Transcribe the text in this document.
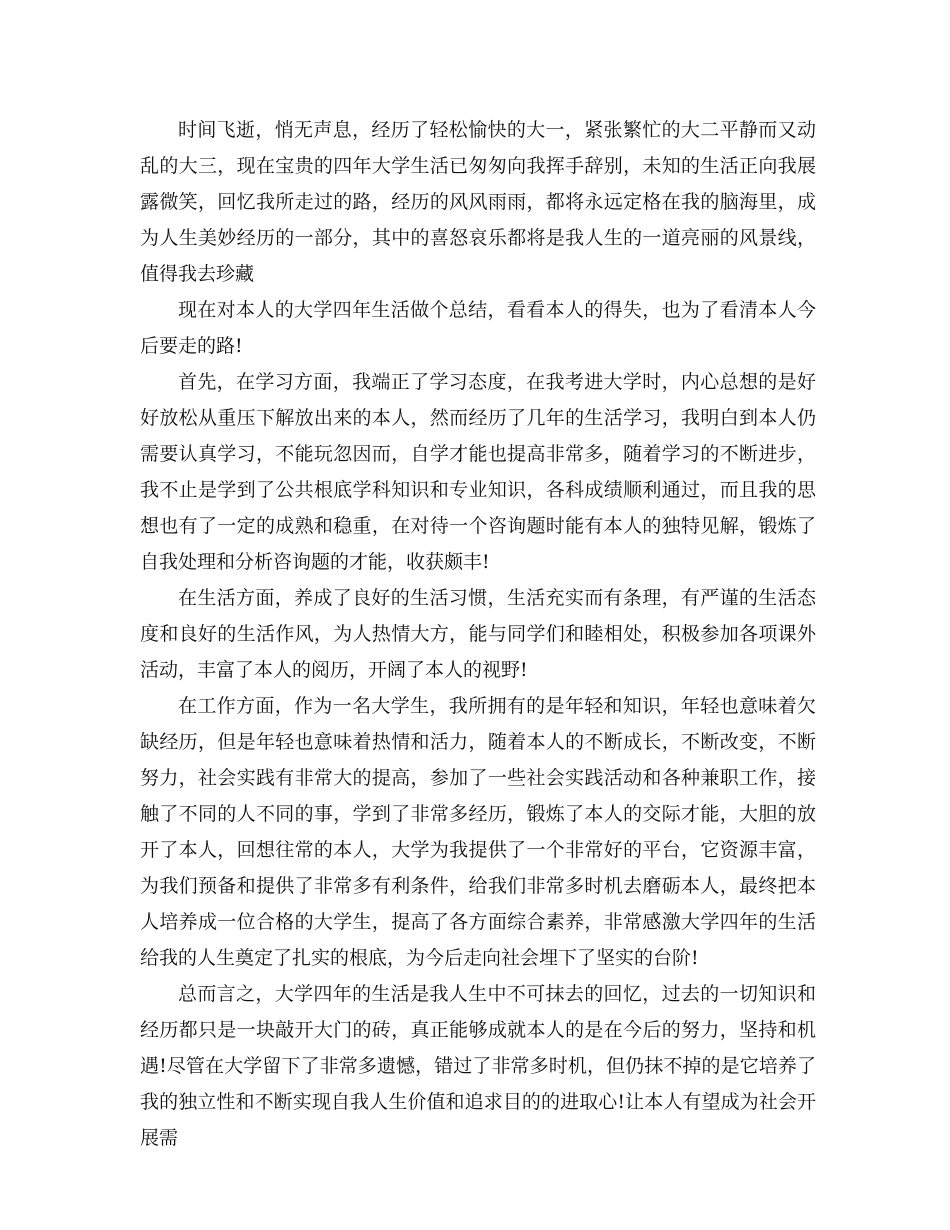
时间飞逝，悄无声息，经历了轻松愉快的大一，紧张繁忙的大二平静而又动乱的大三，现在宝贵的四年大学生活已匆匆向我挥手辞别，未知的生活正向我展露微笑，回忆我所走过的路，经历的风风雨雨，都将永远定格在我的脑海里，成为人生美妙经历的一部分，其中的喜怒哀乐都将是我人生的一道亮丽的风景线，值得我去珍藏

现在对本人的大学四年生活做个总结，看看本人的得失，也为了看清本人今后要走的路!

首先，在学习方面，我端正了学习态度，在我考进大学时，内心总想的是好好放松从重压下解放出来的本人，然而经历了几年的生活学习，我明白到本人仍需要认真学习，不能玩忽因而，自学才能也提高非常多，随着学习的不断进步，我不止是学到了公共根底学科知识和专业知识，各科成绩顺利通过，而且我的思想也有了一定的成熟和稳重，在对待一个咨询题时能有本人的独特见解，锻炼了自我处理和分析咨询题的才能，收获颇丰!

在生活方面，养成了良好的生活习惯，生活充实而有条理，有严谨的生活态度和良好的生活作风，为人热情大方，能与同学们和睦相处，积极参加各项课外活动，丰富了本人的阅历，开阔了本人的视野!

在工作方面，作为一名大学生，我所拥有的是年轻和知识，年轻也意味着欠缺经历，但是年轻也意味着热情和活力，随着本人的不断成长，不断改变，不断努力，社会实践有非常大的提高，参加了一些社会实践活动和各种兼职工作，接触了不同的人不同的事，学到了非常多经历，锻炼了本人的交际才能，大胆的放开了本人，回想往常的本人，大学为我提供了一个非常好的平台，它资源丰富，为我们预备和提供了非常多有利条件，给我们非常多时机去磨砺本人，最终把本人培养成一位合格的大学生，提高了各方面综合素养，非常感激大学四年的生活给我的人生奠定了扎实的根底，为今后走向社会埋下了坚实的台阶!

总而言之，大学四年的生活是我人生中不可抹去的回忆，过去的一切知识和经历都只是一块敲开大门的砖，真正能够成就本人的是在今后的努力，坚持和机遇!尽管在大学留下了非常多遗憾，错过了非常多时机，但仍抹不掉的是它培养了我的独立性和不断实现自我人生价值和追求目的的进取心!让本人有望成为社会开展需
